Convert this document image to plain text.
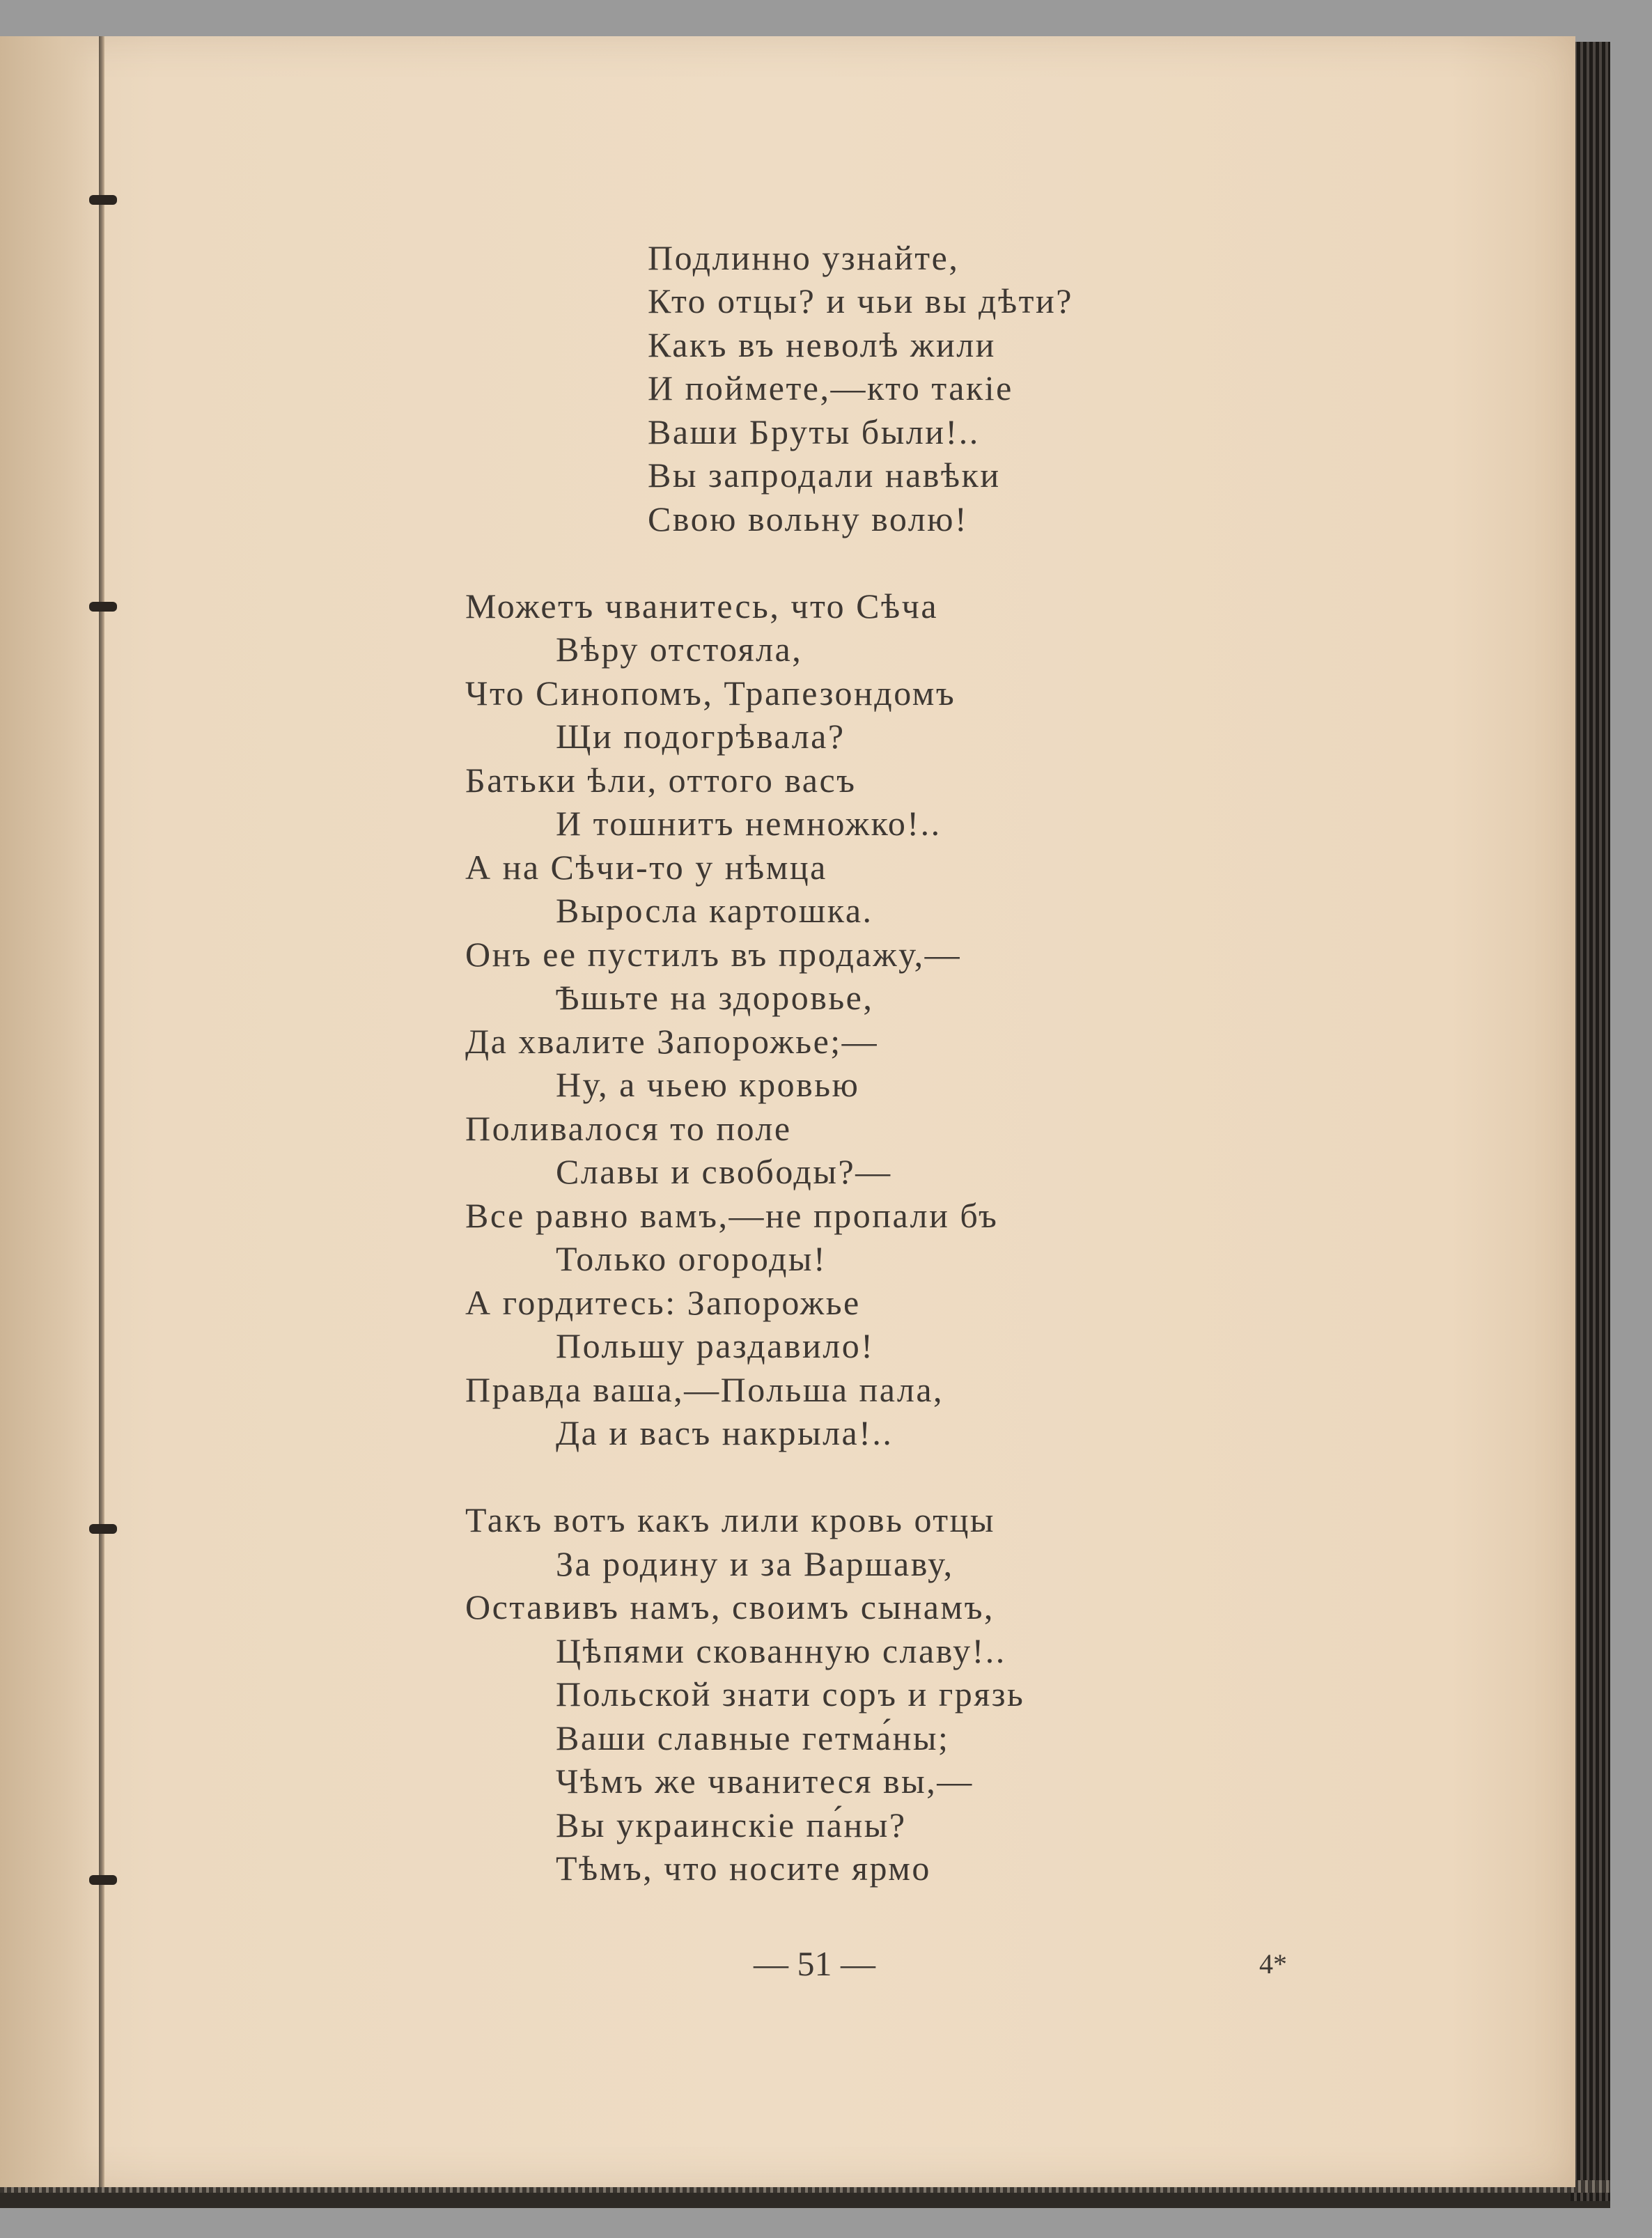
Подлинно узнайте,
Кто отцы? и чьи вы дѣти?
Какъ въ неволѣ жили
И поймете,—кто такіе
Ваши Бруты были!..
Вы запродали навѣки
Свою вольну волю!
Можетъ чванитесь, что Сѣча
Вѣру отстояла,
Что Синопомъ, Трапезондомъ
Щи подогрѣвала?
Батьки ѣли, оттого васъ
И тошнитъ немножко!..
А на Сѣчи-то у нѣмца
Выросла картошка.
Онъ ее пустилъ въ продажу,—
Ѣшьте на здоровье,
Да хвалите Запорожье;—
Ну, а чьею кровью
Поливалося то поле
Славы и свободы?—
Все равно вамъ,—не пропали бъ
Только огороды!
А гордитесь: Запорожье
Польшу раздавило!
Правда ваша,—Польша пала,
Да и васъ накрыла!..
Такъ вотъ какъ лили кровь отцы
За родину и за Варшаву,
Оставивъ намъ, своимъ сынамъ,
Цѣпями скованную славу!..
Польской знати соръ и грязь
Ваши славные гетма́ны;
Чѣмъ же чванитеся вы,—
Вы украинскіе па́ны?
Тѣмъ, что носите ярмо
— 51 —	4*
